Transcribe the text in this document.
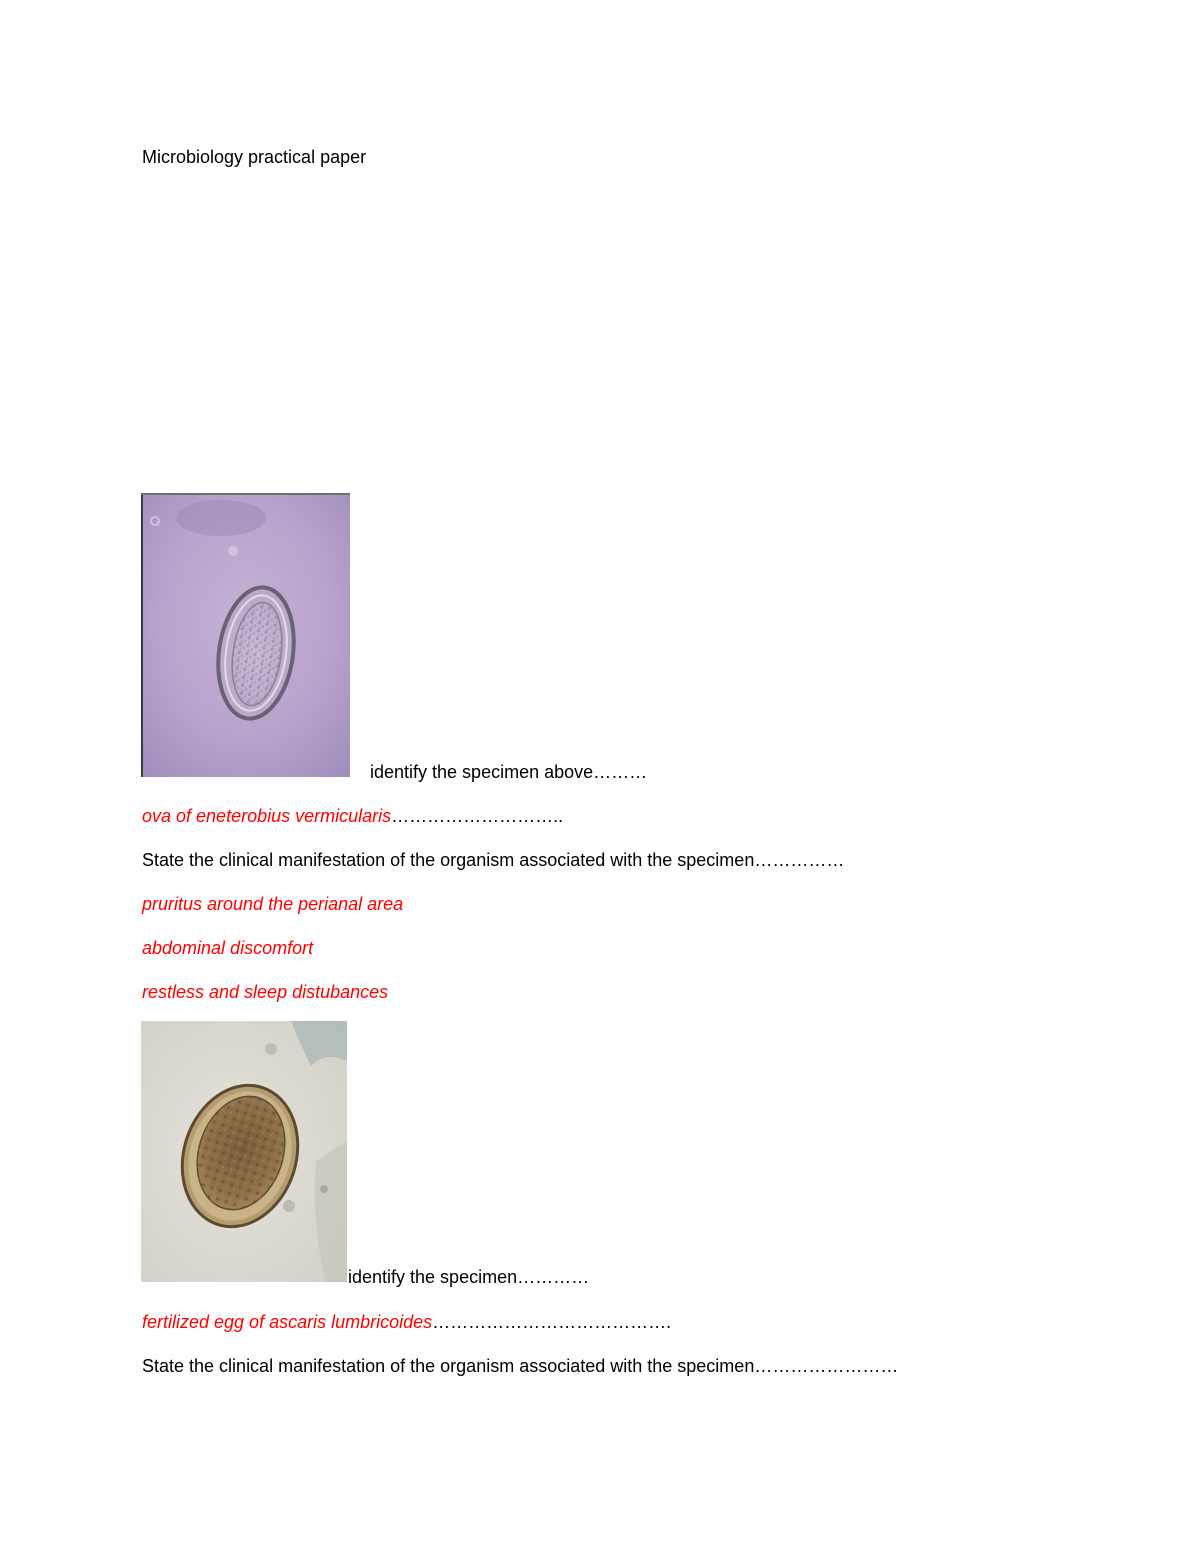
Microbiology practical paper
identify the specimen above………
ova of eneterobius vermicularis………………………..
State the clinical manifestation of the organism associated with the specimen……………
pruritus around the perianal area
abdominal discomfort
restless and sleep distubances
identify the specimen…………
fertilized egg of ascaris lumbricoides………………………………….
State the clinical manifestation of the organism associated with the specimen……………………
